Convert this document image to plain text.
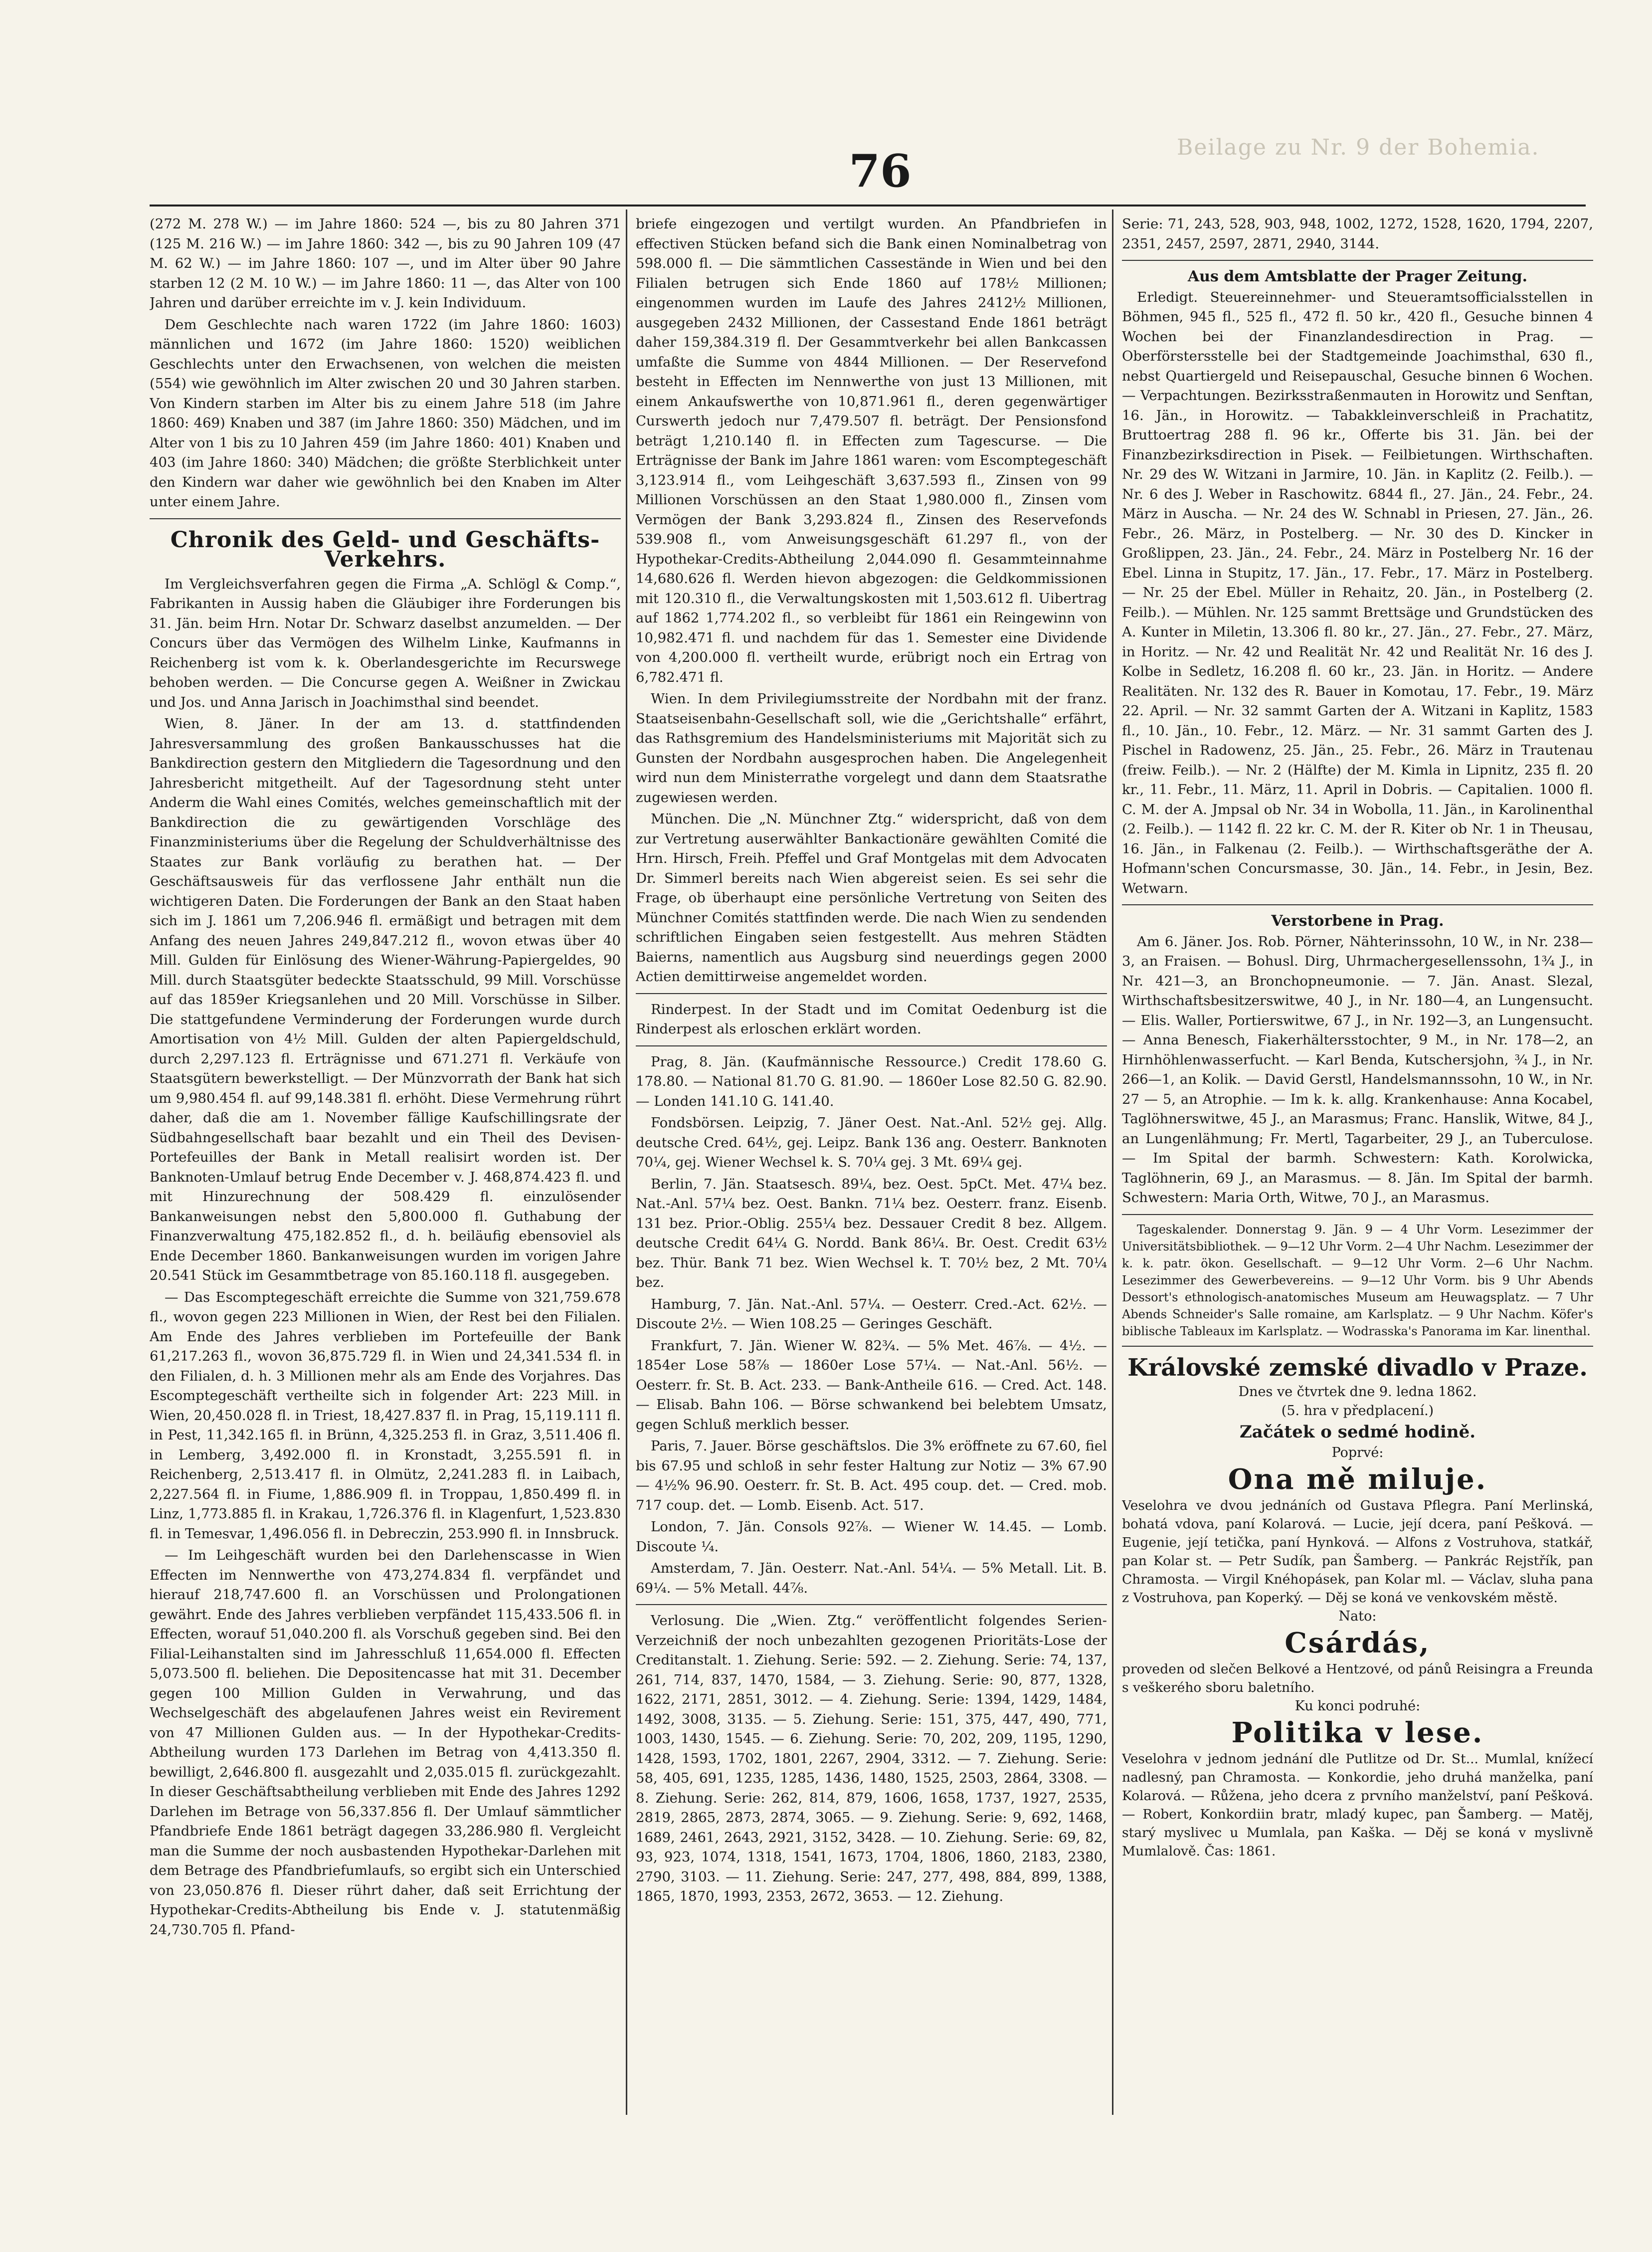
Beilage zu Nr. 9 der Bohemia.
76

(272 M. 278 W.) — im Jahre 1860: 524 —, bis zu 80 Jahren 371 (125 M. 216 W.) — im Jahre 1860: 342 —, bis zu 90 Jahren 109 (47 M. 62 W.) — im Jahre 1860: 107 —, und im Alter über 90 Jahre starben 12 (2 M. 10 W.) — im Jahre 1860: 11 —, das Alter von 100 Jahren und darüber erreichte im v. J. kein Individuum.

Dem Geschlechte nach waren 1722 (im Jahre 1860: 1603) männlichen und 1672 (im Jahre 1860: 1520) weiblichen Geschlechts unter den Erwachsenen, von welchen die meisten (554) wie gewöhnlich im Alter zwischen 20 und 30 Jahren starben. Von Kindern starben im Alter bis zu einem Jahre 518 (im Jahre 1860: 469) Knaben und 387 (im Jahre 1860: 350) Mädchen, und im Alter von 1 bis zu 10 Jahren 459 (im Jahre 1860: 401) Knaben und 403 (im Jahre 1860: 340) Mädchen; die größte Sterblichkeit unter den Kindern war daher wie gewöhnlich bei den Knaben im Alter unter einem Jahre.

Chronik des Geld- und Geschäfts-Verkehrs.

Im Vergleichsverfahren gegen die Firma „A. Schlögl & Comp.“, Fabrikanten in Aussig haben die Gläubiger ihre Forderungen bis 31. Jän. beim Hrn. Notar Dr. Schwarz daselbst anzumelden. — Der Concurs über das Vermögen des Wilhelm Linke, Kaufmanns in Reichenberg ist vom k. k. Oberlandesgerichte im Recurswege behoben werden. — Die Concurse gegen A. Weißner in Zwickau und Jos. und Anna Jarisch in Joachimsthal sind beendet.

Wien, 8. Jäner. In der am 13. d. stattfindenden Jahresversammlung des großen Bankausschusses hat die Bankdirection gestern den Mitgliedern die Tagesordnung und den Jahresbericht mitgetheilt. Auf der Tagesordnung steht unter Anderm die Wahl eines Comités, welches gemeinschaftlich mit der Bankdirection die zu gewärtigenden Vorschläge des Finanzministeriums über die Regelung der Schuldverhältnisse des Staates zur Bank vorläufig zu berathen hat. — Der Geschäftsausweis für das verflossene Jahr enthält nun die wichtigeren Daten. Die Forderungen der Bank an den Staat haben sich im J. 1861 um 7,206.946 fl. ermäßigt und betragen mit dem Anfang des neuen Jahres 249,847.212 fl., wovon etwas über 40 Mill. Gulden für Einlösung des Wiener-Währung-Papiergeldes, 90 Mill. durch Staatsgüter bedeckte Staatsschuld, 99 Mill. Vorschüsse auf das 1859er Kriegsanlehen und 20 Mill. Vorschüsse in Silber. Die stattgefundene Verminderung der Forderungen wurde durch Amortisation von 4½ Mill. Gulden der alten Papiergeldschuld, durch 2,297.123 fl. Erträgnisse und 671.271 fl. Verkäufe von Staatsgütern bewerkstelligt. — Der Münzvorrath der Bank hat sich um 9,980.454 fl. auf 99,148.381 fl. erhöht. Diese Vermehrung rührt daher, daß die am 1. November fällige Kaufschillingsrate der Südbahngesellschaft baar bezahlt und ein Theil des Devisen-Portefeuilles der Bank in Metall realisirt worden ist. Der Banknoten-Umlauf betrug Ende December v. J. 468,874.423 fl. und mit Hinzurechnung der 508.429 fl. einzulösender Bankanweisungen nebst den 5,800.000 fl. Guthabung der Finanzverwaltung 475,182.852 fl., d. h. beiläufig ebensoviel als Ende December 1860. Bankanweisungen wurden im vorigen Jahre 20.541 Stück im Gesammtbetrage von 85.160.118 fl. ausgegeben.

— Das Escomptegeschäft erreichte die Summe von 321,759.678 fl., wovon gegen 223 Millionen in Wien, der Rest bei den Filialen. Am Ende des Jahres verblieben im Portefeuille der Bank 61,217.263 fl., wovon 36,875.729 fl. in Wien und 24,341.534 fl. in den Filialen, d. h. 3 Millionen mehr als am Ende des Vorjahres. Das Escomptegeschäft vertheilte sich in folgender Art: 223 Mill. in Wien, 20,450.028 fl. in Triest, 18,427.837 fl. in Prag, 15,119.111 fl. in Pest, 11,342.165 fl. in Brünn, 4,325.253 fl. in Graz, 3,511.406 fl. in Lemberg, 3,492.000 fl. in Kronstadt, 3,255.591 fl. in Reichenberg, 2,513.417 fl. in Olmütz, 2,241.283 fl. in Laibach, 2,227.564 fl. in Fiume, 1,886.909 fl. in Troppau, 1,850.499 fl. in Linz, 1,773.885 fl. in Krakau, 1,726.376 fl. in Klagenfurt, 1,523.830 fl. in Temesvar, 1,496.056 fl. in Debreczin, 253.990 fl. in Innsbruck.

— Im Leihgeschäft wurden bei den Darlehenscasse in Wien Effecten im Nennwerthe von 473,274.834 fl. verpfändet und hierauf 218,747.600 fl. an Vorschüssen und Prolongationen gewährt. Ende des Jahres verblieben verpfändet 115,433.506 fl. in Effecten, worauf 51,040.200 fl. als Vorschuß gegeben sind. Bei den Filial-Leihanstalten sind im Jahresschluß 11,654.000 fl. Effecten 5,073.500 fl. beliehen. Die Depositencasse hat mit 31. December gegen 100 Million Gulden in Verwahrung, und das Wechselgeschäft des abgelaufenen Jahres weist ein Revirement von 47 Millionen Gulden aus. — In der Hypothekar-Credits-Abtheilung wurden 173 Darlehen im Betrag von 4,413.350 fl. bewilligt, 2,646.800 fl. ausgezahlt und 2,035.015 fl. zurückgezahlt. In dieser Geschäftsabtheilung verblieben mit Ende des Jahres 1292 Darlehen im Betrage von 56,337.856 fl. Der Umlauf sämmtlicher Pfandbriefe Ende 1861 beträgt dagegen 33,286.980 fl. Vergleicht man die Summe der noch ausbastenden Hypothekar-Darlehen mit dem Betrage des Pfandbriefumlaufs, so ergibt sich ein Unterschied von 23,050.876 fl. Dieser rührt daher, daß seit Errichtung der Hypothekar-Credits-Abtheilung bis Ende v. J. statutenmäßig 24,730.705 fl. Pfand-

briefe eingezogen und vertilgt wurden. An Pfandbriefen in effectiven Stücken befand sich die Bank einen Nominalbetrag von 598.000 fl. — Die sämmtlichen Cassestände in Wien und bei den Filialen betrugen sich Ende 1860 auf 178½ Millionen; eingenommen wurden im Laufe des Jahres 2412½ Millionen, ausgegeben 2432 Millionen, der Cassestand Ende 1861 beträgt daher 159,384.319 fl. Der Gesammtverkehr bei allen Bankcassen umfaßte die Summe von 4844 Millionen. — Der Reservefond besteht in Effecten im Nennwerthe von just 13 Millionen, mit einem Ankaufswerthe von 10,871.961 fl., deren gegenwärtiger Curswerth jedoch nur 7,479.507 fl. beträgt. Der Pensionsfond beträgt 1,210.140 fl. in Effecten zum Tagescurse. — Die Erträgnisse der Bank im Jahre 1861 waren: vom Escomptegeschäft 3,123.914 fl., vom Leihgeschäft 3,637.593 fl., Zinsen von 99 Millionen Vorschüssen an den Staat 1,980.000 fl., Zinsen vom Vermögen der Bank 3,293.824 fl., Zinsen des Reservefonds 539.908 fl., vom Anweisungsgeschäft 61.297 fl., von der Hypothekar-Credits-Abtheilung 2,044.090 fl. Gesammteinnahme 14,680.626 fl. Werden hievon abgezogen: die Geldkommissionen mit 120.310 fl., die Verwaltungskosten mit 1,503.612 fl. Uibertrag auf 1862 1,774.202 fl., so verbleibt für 1861 ein Reingewinn von 10,982.471 fl. und nachdem für das 1. Semester eine Dividende von 4,200.000 fl. vertheilt wurde, erübrigt noch ein Ertrag von 6,782.471 fl.

Wien. In dem Privilegiumsstreite der Nordbahn mit der franz. Staatseisenbahn-Gesellschaft soll, wie die „Gerichtshalle“ erfährt, das Rathsgremium des Handelsministeriums mit Majorität sich zu Gunsten der Nordbahn ausgesprochen haben. Die Angelegenheit wird nun dem Ministerrathe vorgelegt und dann dem Staatsrathe zugewiesen werden.

München. Die „N. Münchner Ztg.“ widerspricht, daß von dem zur Vertretung auserwählter Bankactionäre gewählten Comité die Hrn. Hirsch, Freih. Pfeffel und Graf Montgelas mit dem Advocaten Dr. Simmerl bereits nach Wien abgereist seien. Es sei sehr die Frage, ob überhaupt eine persönliche Vertretung von Seiten des Münchner Comités stattfinden werde. Die nach Wien zu sendenden schriftlichen Eingaben seien festgestellt. Aus mehren Städten Baierns, namentlich aus Augsburg sind neuerdings gegen 2000 Actien demittirweise angemeldet worden.

Rinderpest. In der Stadt und im Comitat Oedenburg ist die Rinderpest als erloschen erklärt worden.

Prag, 8. Jän. (Kaufmännische Ressource.) Credit 178.60 G. 178.80. — National 81.70 G. 81.90. — 1860er Lose 82.50 G. 82.90. — Londen 141.10 G. 141.40.

Fondsbörsen. Leipzig, 7. Jäner Oest. Nat.-Anl. 52½ gej. Allg. deutsche Cred. 64½, gej. Leipz. Bank 136 ang. Oesterr. Banknoten 70¼, gej. Wiener Wechsel k. S. 70¼ gej. 3 Mt. 69¼ gej.

Berlin, 7. Jän. Staatsesch. 89¼, bez. Oest. 5pCt. Met. 47¼ bez. Nat.-Anl. 57¼ bez. Oest. Bankn. 71¼ bez. Oesterr. franz. Eisenb. 131 bez. Prior.-Oblig. 255¼ bez. Dessauer Credit 8 bez. Allgem. deutsche Credit 64¼ G. Nordd. Bank 86¼. Br. Oest. Credit 63½ bez. Thür. Bank 71 bez. Wien Wechsel k. T. 70½ bez, 2 Mt. 70¼ bez.

Hamburg, 7. Jän. Nat.-Anl. 57¼. — Oesterr. Cred.-Act. 62½. — Discoute 2½. — Wien 108.25 — Geringes Geschäft.

Frankfurt, 7. Jän. Wiener W. 82¾. — 5% Met. 46⅞. — 4½. — 1854er Lose 58⅞ — 1860er Lose 57¼. — Nat.-Anl. 56½. — Oesterr. fr. St. B. Act. 233. — Bank-Antheile 616. — Cred. Act. 148. — Elisab. Bahn 106. — Börse schwankend bei belebtem Umsatz, gegen Schluß merklich besser.

Paris, 7. Jauer. Börse geschäftslos. Die 3% eröffnete zu 67.60, fiel bis 67.95 und schloß in sehr fester Haltung zur Notiz — 3% 67.90 — 4½% 96.90. Oesterr. fr. St. B. Act. 495 coup. det. — Cred. mob. 717 coup. det. — Lomb. Eisenb. Act. 517.

London, 7. Jän. Consols 92⅞. — Wiener W. 14.45. — Lomb. Discoute ¼.

Amsterdam, 7. Jän. Oesterr. Nat.-Anl. 54¼. — 5% Metall. Lit. B. 69¼. — 5% Metall. 44⅞.

Verlosung. Die „Wien. Ztg.“ veröffentlicht folgendes Serien-Verzeichniß der noch unbezahlten gezogenen Prioritäts-Lose der Creditanstalt. 1. Ziehung. Serie: 592. — 2. Ziehung. Serie: 74, 137, 261, 714, 837, 1470, 1584, — 3. Ziehung. Serie: 90, 877, 1328, 1622, 2171, 2851, 3012. — 4. Ziehung. Serie: 1394, 1429, 1484, 1492, 3008, 3135. — 5. Ziehung. Serie: 151, 375, 447, 490, 771, 1003, 1430, 1545. — 6. Ziehung. Serie: 70, 202, 209, 1195, 1290, 1428, 1593, 1702, 1801, 2267, 2904, 3312. — 7. Ziehung. Serie: 58, 405, 691, 1235, 1285, 1436, 1480, 1525, 2503, 2864, 3308. — 8. Ziehung. Serie: 262, 814, 879, 1606, 1658, 1737, 1927, 2535, 2819, 2865, 2873, 2874, 3065. — 9. Ziehung. Serie: 9, 692, 1468, 1689, 2461, 2643, 2921, 3152, 3428. — 10. Ziehung. Serie: 69, 82, 93, 923, 1074, 1318, 1541, 1673, 1704, 1806, 1860, 2183, 2380, 2790, 3103. — 11. Ziehung. Serie: 247, 277, 498, 884, 899, 1388, 1865, 1870, 1993, 2353, 2672, 3653. — 12. Ziehung.

Serie: 71, 243, 528, 903, 948, 1002, 1272, 1528, 1620, 1794, 2207, 2351, 2457, 2597, 2871, 2940, 3144.

Aus dem Amtsblatte der Prager Zeitung.

Erledigt. Steuereinnehmer- und Steueramtsofficialsstellen in Böhmen, 945 fl., 525 fl., 472 fl. 50 kr., 420 fl., Gesuche binnen 4 Wochen bei der Finanzlandesdirection in Prag. — Oberförstersstelle bei der Stadtgemeinde Joachimsthal, 630 fl., nebst Quartiergeld und Reisepauschal, Gesuche binnen 6 Wochen. — Verpachtungen. Bezirksstraßenmauten in Horowitz und Senftan, 16. Jän., in Horowitz. — Tabakkleinverschleiß in Prachatitz, Bruttoertrag 288 fl. 96 kr., Offerte bis 31. Jän. bei der Finanzbezirksdirection in Pisek. — Feilbietungen. Wirthschaften. Nr. 29 des W. Witzani in Jarmire, 10. Jän. in Kaplitz (2. Feilb.). — Nr. 6 des J. Weber in Raschowitz. 6844 fl., 27. Jän., 24. Febr., 24. März in Auscha. — Nr. 24 des W. Schnabl in Priesen, 27. Jän., 26. Febr., 26. März, in Postelberg. — Nr. 30 des D. Kincker in Großlippen, 23. Jän., 24. Febr., 24. März in Postelberg Nr. 16 der Ebel. Linna in Stupitz, 17. Jän., 17. Febr., 17. März in Postelberg. — Nr. 25 der Ebel. Müller in Rehaitz, 20. Jän., in Postelberg (2. Feilb.). — Mühlen. Nr. 125 sammt Brettsäge und Grundstücken des A. Kunter in Miletin, 13.306 fl. 80 kr., 27. Jän., 27. Febr., 27. März, in Horitz. — Nr. 42 und Realität Nr. 42 und Realität Nr. 16 des J. Kolbe in Sedletz, 16.208 fl. 60 kr., 23. Jän. in Horitz. — Andere Realitäten. Nr. 132 des R. Bauer in Komotau, 17. Febr., 19. März 22. April. — Nr. 32 sammt Garten der A. Witzani in Kaplitz, 1583 fl., 10. Jän., 10. Febr., 12. März. — Nr. 31 sammt Garten des J. Pischel in Radowenz, 25. Jän., 25. Febr., 26. März in Trautenau (freiw. Feilb.). — Nr. 2 (Hälfte) der M. Kimla in Lipnitz, 235 fl. 20 kr., 11. Febr., 11. März, 11. April in Dobris. — Capitalien. 1000 fl. C. M. der A. Jmpsal ob Nr. 34 in Wobolla, 11. Jän., in Karolinenthal (2. Feilb.). — 1142 fl. 22 kr. C. M. der R. Kiter ob Nr. 1 in Theusau, 16. Jän., in Falkenau (2. Feilb.). — Wirthschaftsgeräthe der A. Hofmann'schen Concursmasse, 30. Jän., 14. Febr., in Jesin, Bez. Wetwarn.

Verstorbene in Prag.

Am 6. Jäner. Jos. Rob. Pörner, Nähterinssohn, 10 W., in Nr. 238—3, an Fraisen. — Bohusl. Dirg, Uhrmachergesellenssohn, 1¾ J., in Nr. 421—3, an Bronchopneumonie. — 7. Jän. Anast. Slezal, Wirthschaftsbesitzerswitwe, 40 J., in Nr. 180—4, an Lungensucht. — Elis. Waller, Portierswitwe, 67 J., in Nr. 192—3, an Lungensucht. — Anna Benesch, Fiakerhältersstochter, 9 M., in Nr. 178—2, an Hirnhöhlenwasserfucht. — Karl Benda, Kutschersjohn, ¾ J., in Nr. 266—1, an Kolik. — David Gerstl, Handelsmannssohn, 10 W., in Nr. 27 — 5, an Atrophie. — Im k. k. allg. Krankenhause: Anna Kocabel, Taglöhnerswitwe, 45 J., an Marasmus; Franc. Hanslik, Witwe, 84 J., an Lungenlähmung; Fr. Mertl, Tagarbeiter, 29 J., an Tuberculose. — Im Spital der barmh. Schwestern: Kath. Korolwicka, Taglöhnerin, 69 J., an Marasmus. — 8. Jän. Im Spital der barmh. Schwestern: Maria Orth, Witwe, 70 J., an Marasmus.

Tageskalender. Donnerstag 9. Jän. 9 — 4 Uhr Vorm. Lesezimmer der Universitätsbibliothek. — 9—12 Uhr Vorm. 2—4 Uhr Nachm. Lesezimmer der k. k. patr. ökon. Gesellschaft. — 9—12 Uhr Vorm. 2—6 Uhr Nachm. Lesezimmer des Gewerbevereins. — 9—12 Uhr Vorm. bis 9 Uhr Abends Dessort's ethnologisch-anatomisches Museum am Heuwagsplatz. — 7 Uhr Abends Schneider's Salle romaine, am Karlsplatz. — 9 Uhr Nachm. Köfer's biblische Tableaux im Karlsplatz. — Wodrasska's Panorama im Kar. linenthal.

Královské zemské divadlo v Praze.
Dnes ve čtvrtek dne 9. ledna 1862.
(5. hra v předplacení.)
Začátek o sedmé hodině.
Poprvé:
Ona mě miluje.
Veselohra ve dvou jednáních od Gustava Pflegra. Paní Merlinská, bohatá vdova, paní Kolarová. — Lucie, její dcera, paní Pešková. — Eugenie, její tetička, paní Hynková. — Alfons z Vostruhova, statkář, pan Kolar st. — Petr Sudík, pan Šamberg. — Pankrác Rejstřík, pan Chramosta. — Virgil Knéhopásek, pan Kolar ml. — Václav, sluha pana z Vostruhova, pan Koperký. — Děj se koná ve venkovském městě.
Nato:
Csárdás,
proveden od slečen Belkové a Hentzové, od pánů Reisingra a Freunda s veškerého sboru baletního.
Ku konci podruhé:
Politika v lese.
Veselohra v jednom jednání dle Putlitze od Dr. St... Mumlal, knížecí nadlesný, pan Chramosta. — Konkordie, jeho druhá manželka, paní Kolarová. — Růžena, jeho dcera z prvního manželství, paní Pešková. — Robert, Konkordiin bratr, mladý kupec, pan Šamberg. — Matěj, starý myslivec u Mumlala, pan Kaška. — Děj se koná v myslivně Mumlalově. Čas: 1861.
